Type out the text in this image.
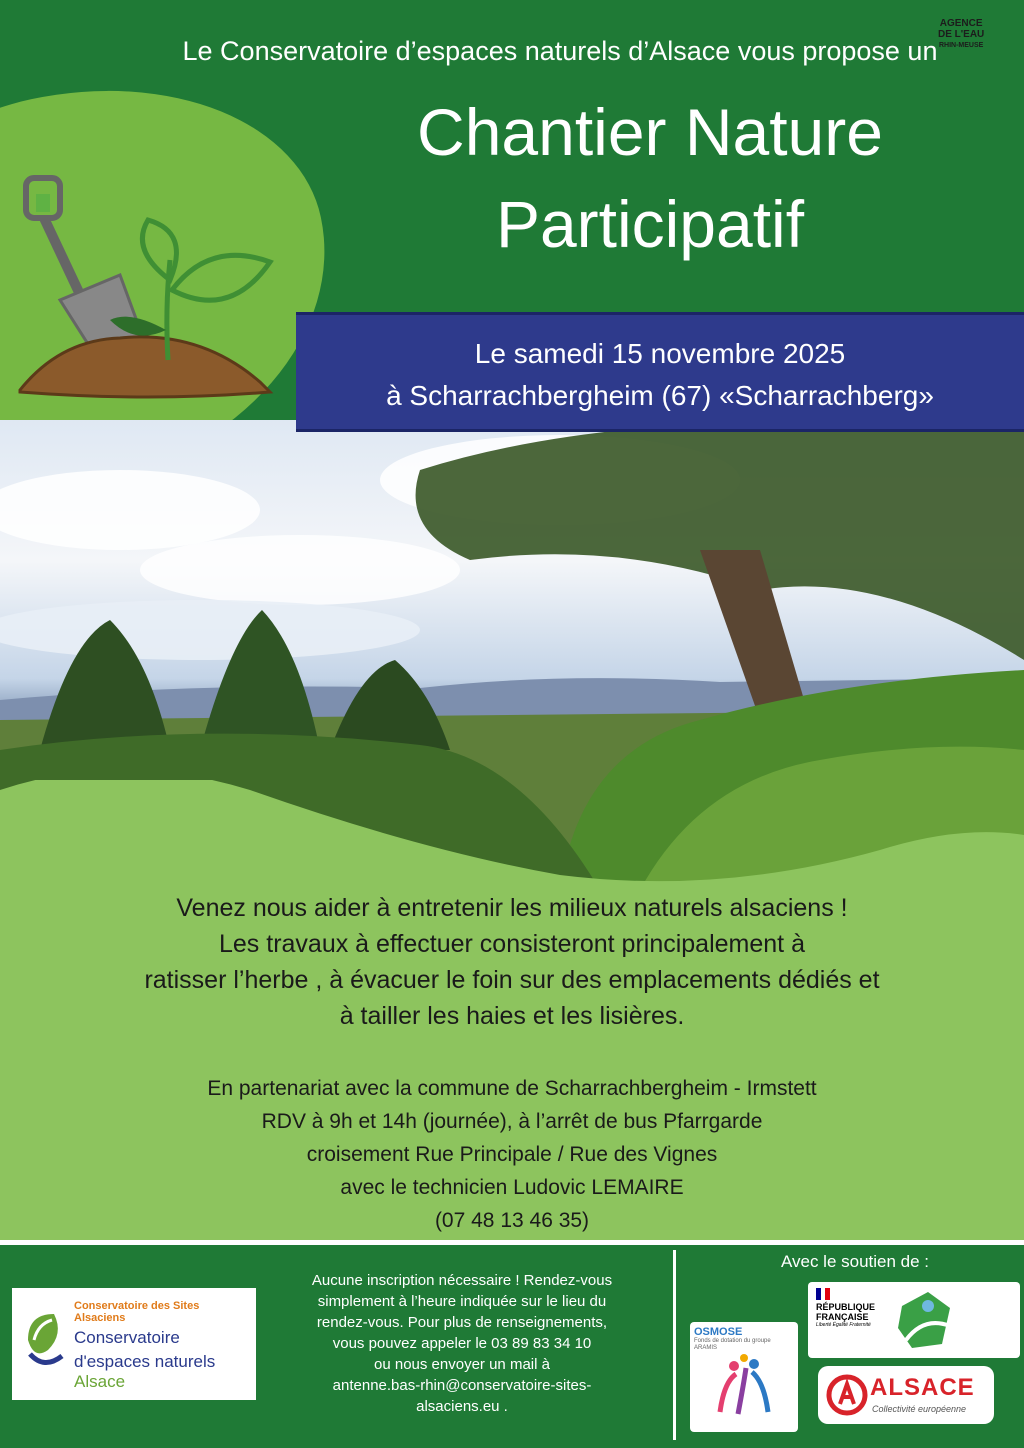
Le Conservatoire d’espaces naturels d’Alsace vous propose un
Chantier Nature
Participatif
Le samedi 15 novembre 2025
à Scharrachbergheim (67) «Scharrachberg»
Venez nous aider à entretenir les milieux naturels alsaciens !
Les travaux à effectuer consisteront principalement à
ratisser l’herbe , à évacuer le foin sur des emplacements dédiés et
à tailler les haies et les lisières.
En partenariat avec la commune de Scharrachbergheim - Irmstett
RDV à 9h et 14h (journée), à l’arrêt de bus Pfarrgarde
croisement Rue Principale / Rue des Vignes
avec le technicien Ludovic LEMAIRE
(07 48 13 46 35)
Conservatoire des Sites Alsaciens
Conservatoire
d'espaces naturels
Alsace
Aucune inscription nécessaire ! Rendez-vous
simplement à l’heure indiquée sur le lieu du
rendez-vous. Pour plus de renseignements,
vous pouvez appeler le 03 89 83 34 10
ou nous envoyer un mail à
antenne.bas-rhin@conservatoire-sites-
alsaciens.eu .
Avec le soutien de :
OSMOSE
Fonds de dotation du groupe ARAMIS
RÉPUBLIQUE
FRANÇAISE
Liberté Égalité Fraternité
AGENCE
DE L'EAU
RHIN-MEUSE
ALSACE
Collectivité européenne
